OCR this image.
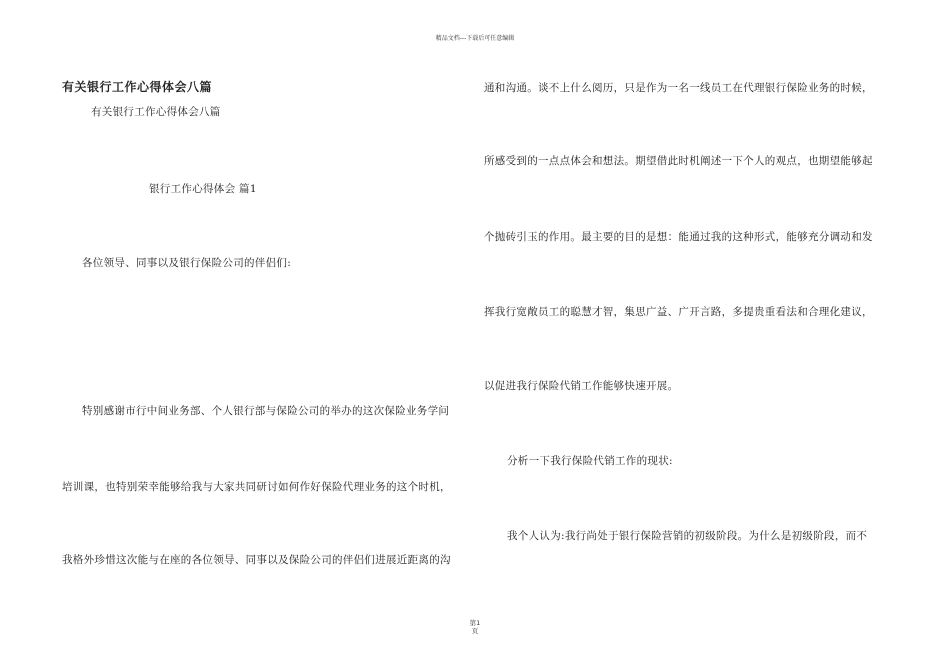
精品文档---下载后可任意编辑
有关银行工作心得体会八篇
有关银行工作心得体会八篇
银行工作心得体会 篇1
各位领导、同事以及银行保险公司的伴侣们:
特别感谢市行中间业务部、个人银行部与保险公司的举办的这次保险业务学问
培训课，也特别荣幸能够给我与大家共同研讨如何作好保险代理业务的这个时机，
我格外珍惜这次能与在座的各位领导、同事以及保险公司的伴侣们进展近距离的沟
通和沟通。谈不上什么阅历，只是作为一名一线员工在代理银行保险业务的时候，
所感受到的一点点体会和想法。期望借此时机阐述一下个人的观点，也期望能够起
个抛砖引玉的作用。最主要的目的是想：能通过我的这种形式，能够充分调动和发
挥我行宽敞员工的聪慧才智，集思广益、广开言路，多提贵重看法和合理化建议，
以促进我行保险代销工作能够快速开展。
分析一下我行保险代销工作的现状:
我个人认为:我行尚处于银行保险营销的初级阶段。为什么是初级阶段，而不
第1
页
